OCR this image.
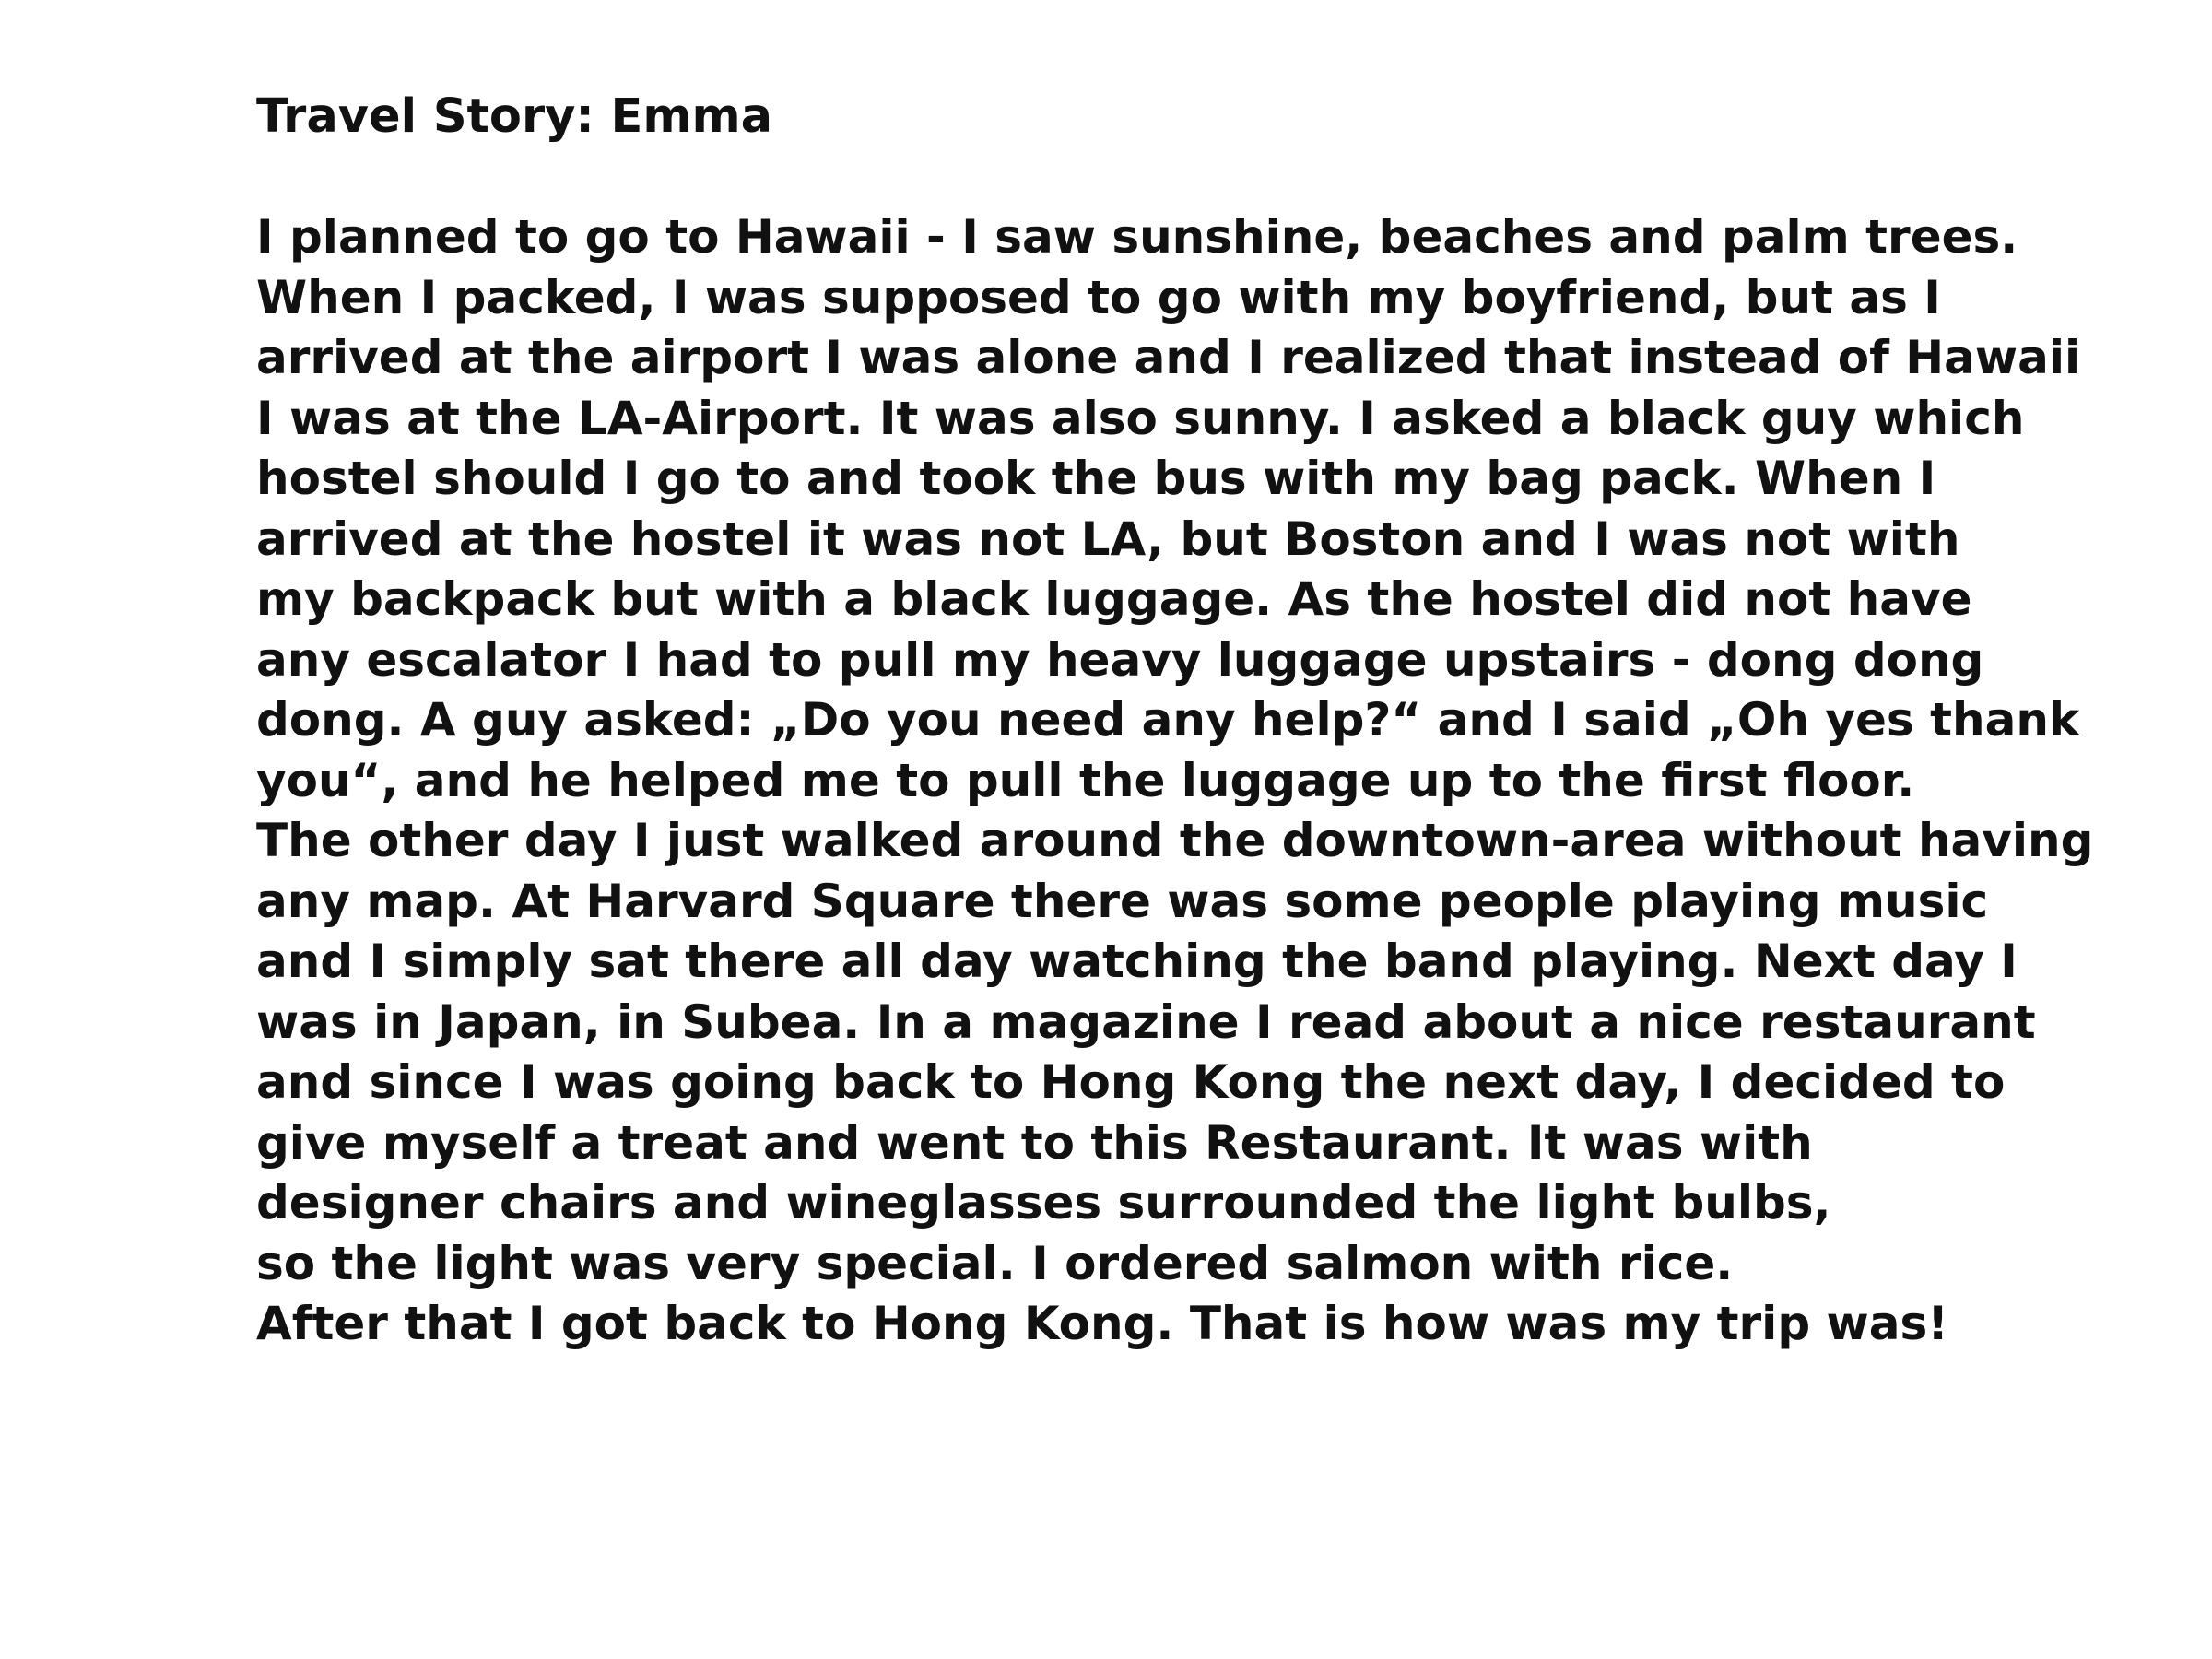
Travel Story: Emma
I planned to go to Hawaii - I saw sunshine, beaches and palm trees.
When I packed, I was supposed to go with my boyfriend, but as I
arrived at the airport I was alone and I realized that instead of Hawaii
I was at the LA-Airport. It was also sunny. I asked a black guy which
hostel should I go to and took the bus with my bag pack. When I
arrived at the hostel it was not LA, but Boston and I was not with
my backpack but with a black luggage. As the hostel did not have
any escalator I had to pull my heavy luggage upstairs - dong dong
dong. A guy asked: „Do you need any help?“ and I said „Oh yes thank
you“, and he helped me to pull the luggage up to the first floor.
The other day I just walked around the downtown-area without having
any map. At Harvard Square there was some people playing music
and I simply sat there all day watching the band playing. Next day I
was in Japan, in Subea. In a magazine I read about a nice restaurant
and since I was going back to Hong Kong the next day, I decided to
give myself a treat and went to this Restaurant. It was with
designer chairs and wineglasses surrounded the light bulbs,
so the light was very special. I ordered salmon with rice.
After that I got back to Hong Kong. That is how was my trip was!
